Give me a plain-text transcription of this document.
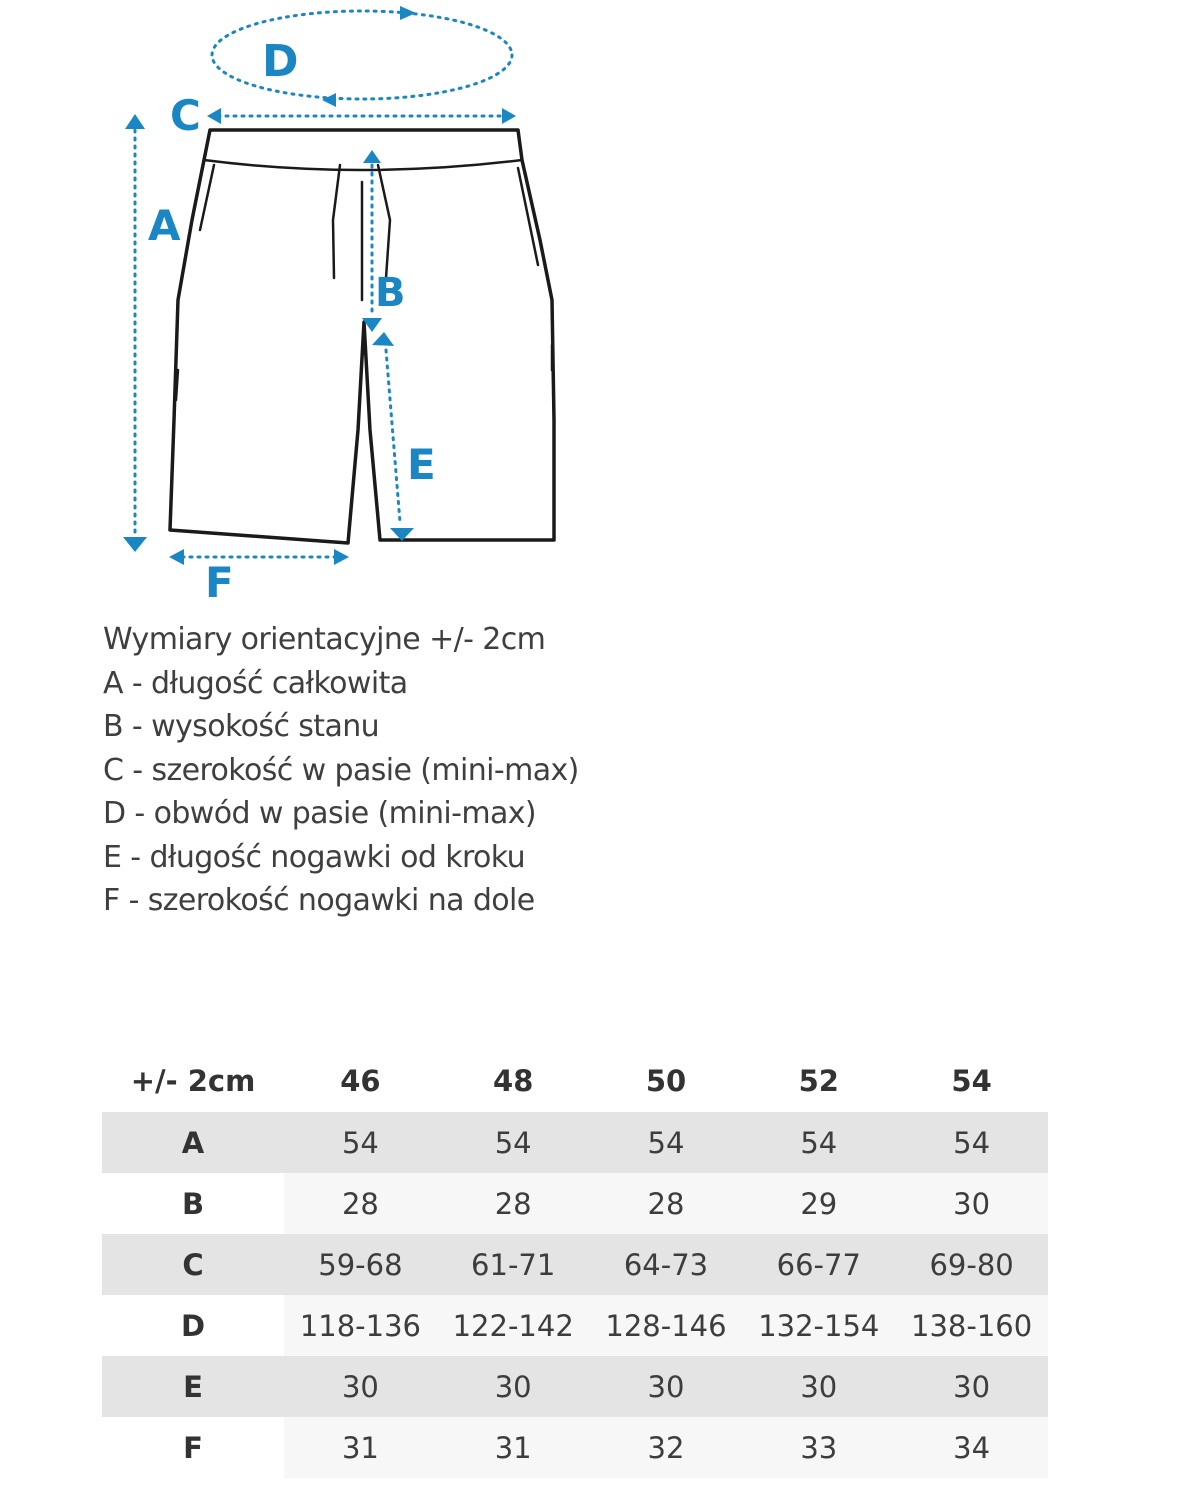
D
C
A
B
E
F
Wymiary orientacyjne +/- 2cm
A - długość całkowita
B - wysokość stanu
C - szerokość w pasie (mini-max)
D - obwód w pasie (mini-max)
E - długość nogawki od kroku
F - szerokość nogawki na dole
+/- 2cm	46	48	50	52	54
A	54	54	54	54	54
B	28	28	28	29	30
C	59-68	61-71	64-73	66-77	69-80
D	118-136	122-142	128-146	132-154	138-160
E	30	30	30	30	30
F	31	31	32	33	34
